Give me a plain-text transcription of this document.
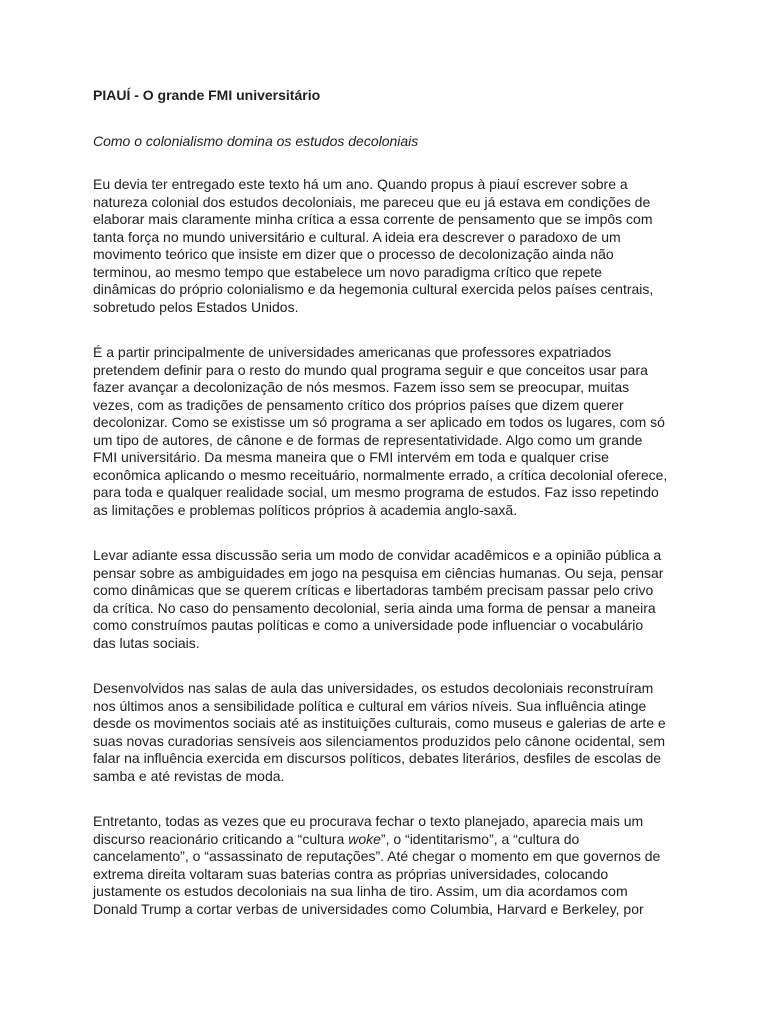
PIAUÍ - O grande FMI universitário

Como o colonialismo domina os estudos decoloniais

Eu devia ter entregado este texto há um ano. Quando propus à piauí escrever sobre a
natureza colonial dos estudos decoloniais, me pareceu que eu já estava em condições de
elaborar mais claramente minha crítica a essa corrente de pensamento que se impôs com
tanta força no mundo universitário e cultural. A ideia era descrever o paradoxo de um
movimento teórico que insiste em dizer que o processo de decolonização ainda não
terminou, ao mesmo tempo que estabelece um novo paradigma crítico que repete
dinâmicas do próprio colonialismo e da hegemonia cultural exercida pelos países centrais,
sobretudo pelos Estados Unidos.

É a partir principalmente de universidades americanas que professores expatriados
pretendem definir para o resto do mundo qual programa seguir e que conceitos usar para
fazer avançar a decolonização de nós mesmos. Fazem isso sem se preocupar, muitas
vezes, com as tradições de pensamento crítico dos próprios países que dizem querer
decolonizar. Como se existisse um só programa a ser aplicado em todos os lugares, com só
um tipo de autores, de cânone e de formas de representatividade. Algo como um grande
FMI universitário. Da mesma maneira que o FMI intervém em toda e qualquer crise
econômica aplicando o mesmo receituário, normalmente errado, a crítica decolonial oferece,
para toda e qualquer realidade social, um mesmo programa de estudos. Faz isso repetindo
as limitações e problemas políticos próprios à academia anglo-saxã.

Levar adiante essa discussão seria um modo de convidar acadêmicos e a opinião pública a
pensar sobre as ambiguidades em jogo na pesquisa em ciências humanas. Ou seja, pensar
como dinâmicas que se querem críticas e libertadoras também precisam passar pelo crivo
da crítica. No caso do pensamento decolonial, seria ainda uma forma de pensar a maneira
como construímos pautas políticas e como a universidade pode influenciar o vocabulário
das lutas sociais.

Desenvolvidos nas salas de aula das universidades, os estudos decoloniais reconstruíram
nos últimos anos a sensibilidade política e cultural em vários níveis. Sua influência atinge
desde os movimentos sociais até as instituições culturais, como museus e galerias de arte e
suas novas curadorias sensíveis aos silenciamentos produzidos pelo cânone ocidental, sem
falar na influência exercida em discursos políticos, debates literários, desfiles de escolas de
samba e até revistas de moda.

Entretanto, todas as vezes que eu procurava fechar o texto planejado, aparecia mais um
discurso reacionário criticando a “cultura woke”, o “identitarismo”, a “cultura do
cancelamento”, o “assassinato de reputações”. Até chegar o momento em que governos de
extrema direita voltaram suas baterias contra as próprias universidades, colocando
justamente os estudos decoloniais na sua linha de tiro. Assim, um dia acordamos com
Donald Trump a cortar verbas de universidades como Columbia, Harvard e Berkeley, por
